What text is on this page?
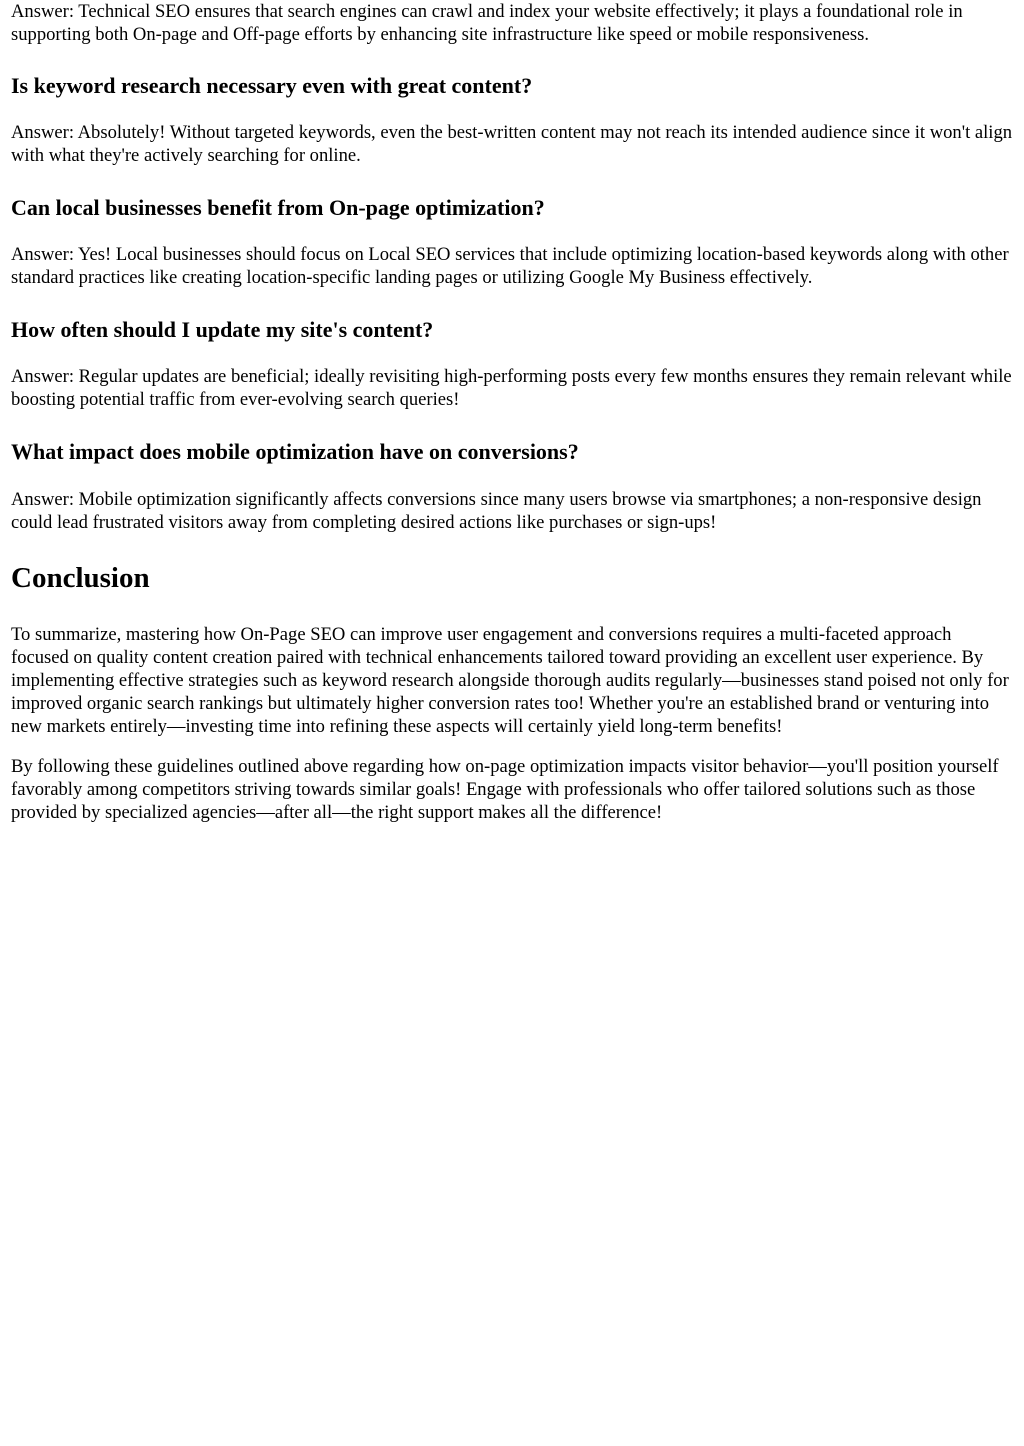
Answer: Technical SEO ensures that search engines can crawl and index your website effectively; it plays a foundational role in supporting both On-page and Off-page efforts by enhancing site infrastructure like speed or mobile responsiveness.

Is keyword research necessary even with great content?

Answer: Absolutely! Without targeted keywords, even the best-written content may not reach its intended audience since it won't align with what they're actively searching for online.

Can local businesses benefit from On-page optimization?

Answer: Yes! Local businesses should focus on Local SEO services that include optimizing location-based keywords along with other standard practices like creating location-specific landing pages or utilizing Google My Business effectively.

How often should I update my site's content?

Answer: Regular updates are beneficial; ideally revisiting high-performing posts every few months ensures they remain relevant while boosting potential traffic from ever-evolving search queries!

What impact does mobile optimization have on conversions?

Answer: Mobile optimization significantly affects conversions since many users browse via smartphones; a non-responsive design could lead frustrated visitors away from completing desired actions like purchases or sign-ups!

Conclusion

To summarize, mastering how On-Page SEO can improve user engagement and conversions requires a multi-faceted approach focused on quality content creation paired with technical enhancements tailored toward providing an excellent user experience. By implementing effective strategies such as keyword research alongside thorough audits regularly—businesses stand poised not only for improved organic search rankings but ultimately higher conversion rates too! Whether you're an established brand or venturing into new markets entirely—investing time into refining these aspects will certainly yield long-term benefits!

By following these guidelines outlined above regarding how on-page optimization impacts visitor behavior—you'll position yourself favorably among competitors striving towards similar goals! Engage with professionals who offer tailored solutions such as those provided by specialized agencies—after all—the right support makes all the difference!
